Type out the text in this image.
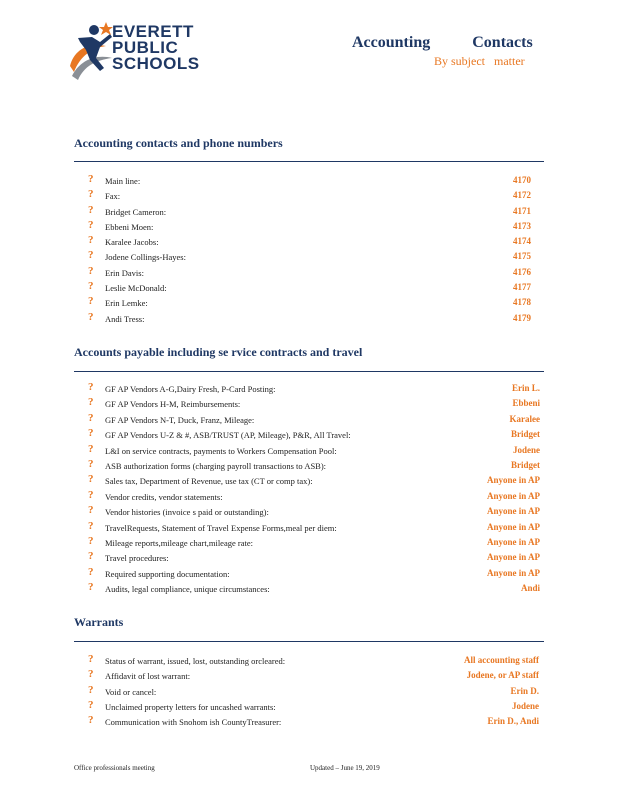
EVERETT
PUBLIC
SCHOOLS
Accounting	Contacts
By subject matter
Accounting contacts and phone numbers
? Main line:	4170
? Fax:	4172
? Bridget Cameron:	4171
? Ebbeni Moen:	4173
? Karalee Jacobs:	4174
? Jodene Collings-Hayes:	4175
? Erin Davis:	4176
? Leslie McDonald:	4177
? Erin Lemke:	4178
? Andi Tress:	4179
Accounts payable including se rvice contracts and travel
? GF AP Vendors A-G,Dairy Fresh, P-Card Posting:	Erin L.
? GF AP Vendors H-M, Reimbursements:	Ebbeni
? GF AP Vendors N-T, Duck, Franz, Mileage:	Karalee
? GF AP Vendors U-Z & #, ASB/TRUST (AP, Mileage), P&R, All Travel:	Bridget
? L&I on service contracts, payments to Workers Compensation Pool:	Jodene
? ASB authorization forms (charging payroll transactions to ASB):	Bridget
? Sales tax, Department of Revenue, use tax (CT or comp tax):	Anyone in AP
? Vendor credits, vendor statements:	Anyone in AP
? Vendor histories (invoice s paid or outstanding):	Anyone in AP
? TravelRequests, Statement of Travel Expense Forms,meal per diem:	Anyone in AP
? Mileage reports,mileage chart,mileage rate:	Anyone in AP
? Travel procedures:	Anyone in AP
? Required supporting documentation:	Anyone in AP
? Audits, legal compliance, unique circumstances:	Andi
Warrants
? Status of warrant, issued, lost, outstanding orcleared:	All accounting staff
? Affidavit of lost warrant:	Jodene, or AP staff
? Void or cancel:	Erin D.
? Unclaimed property letters for uncashed warrants:	Jodene
? Communication with Snohom ish CountyTreasurer:	Erin D., Andi
Office professionals meeting	Updated – June 19, 2019
